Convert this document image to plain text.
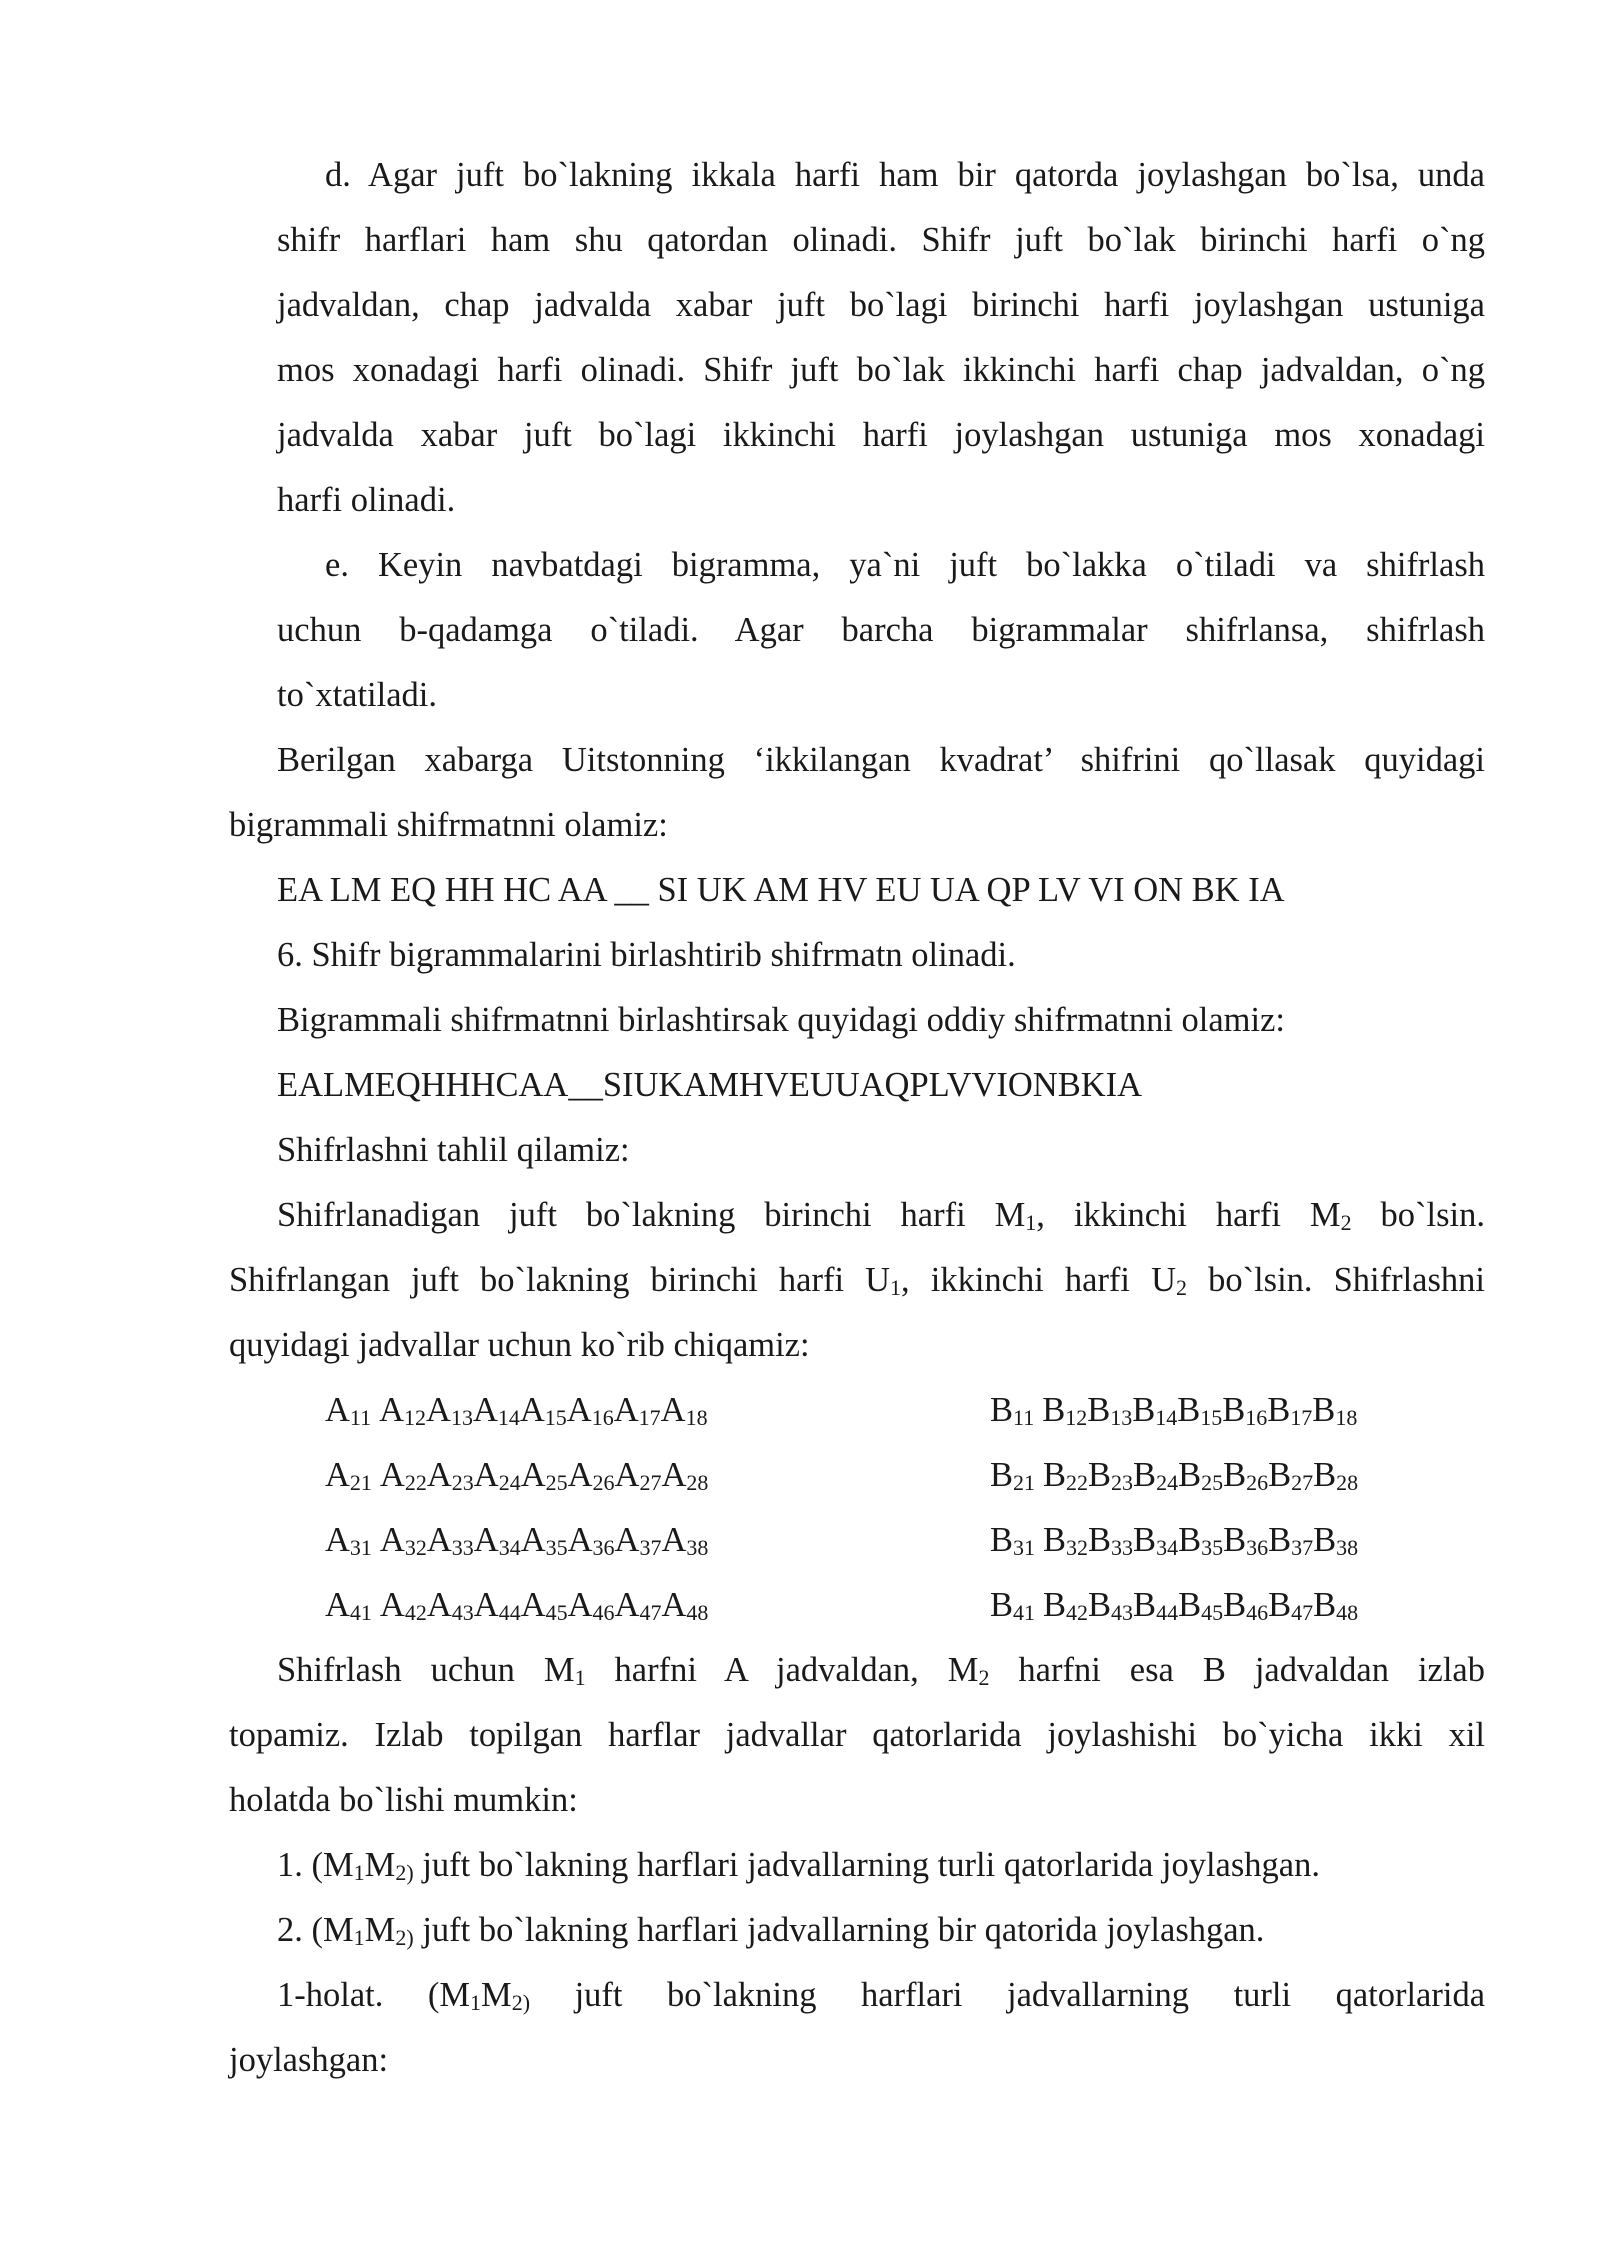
d. Agar juft bo`lakning ikkala harfi ham bir qatorda joylashgan bo`lsa, unda
shifr harflari ham shu qatordan olinadi. Shifr juft bo`lak birinchi harfi o`ng
jadvaldan, chap jadvalda xabar juft bo`lagi birinchi harfi joylashgan ustuniga
mos xonadagi harfi olinadi. Shifr juft bo`lak ikkinchi harfi chap jadvaldan, o`ng
jadvalda xabar juft bo`lagi ikkinchi harfi joylashgan ustuniga mos xonadagi
harfi olinadi.
e. Keyin navbatdagi bigramma, ya`ni juft bo`lakka o`tiladi va shifrlash
uchun b-qadamga o`tiladi. Agar barcha bigrammalar shifrlansa, shifrlash
to`xtatiladi.
Berilgan xabarga Uitstonning ‘ikkilangan kvadrat’ shifrini qo`llasak quyidagi
bigrammali shifrmatnni olamiz:
EA LM EQ HH HC AA __ SI UK AM HV EU UA QP LV VI ON BK IA
6. Shifr bigrammalarini birlashtirib shifrmatn olinadi.
Bigrammali shifrmatnni birlashtirsak quyidagi oddiy shifrmatnni olamiz:
EALMEQHHHCAA__SIUKAMHVEUUAQPLVVIONBKIA
Shifrlashni tahlil qilamiz:
Shifrlanadigan juft bo`lakning birinchi harfi $M_1$, ikkinchi harfi $M_2$ bo`lsin.
Shifrlangan juft bo`lakning birinchi harfi $U_1$, ikkinchi harfi $U_2$ bo`lsin. Shifrlashni
quyidagi jadvallar uchun ko`rib chiqamiz:
$A_{11}$ $A_{12}A_{13}A_{14}A_{15}A_{16}A_{17}A_{18}$
$A_{21}$ $A_{22}A_{23}A_{24}A_{25}A_{26}A_{27}A_{28}$
$A_{31}$ $A_{32}A_{33}A_{34}A_{35}A_{36}A_{37}A_{38}$
$A_{41}$ $A_{42}A_{43}A_{44}A_{45}A_{46}A_{47}A_{48}$
$B_{11}$ $B_{12}B_{13}B_{14}B_{15}B_{16}B_{17}B_{18}$
$B_{21}$ $B_{22}B_{23}B_{24}B_{25}B_{26}B_{27}B_{28}$
$B_{31}$ $B_{32}B_{33}B_{34}B_{35}B_{36}B_{37}B_{38}$
$B_{41}$ $B_{42}B_{43}B_{44}B_{45}B_{46}B_{47}B_{48}$
Shifrlash uchun $M_1$ harfni A jadvaldan, $M_2$ harfni esa B jadvaldan izlab
topamiz. Izlab topilgan harflar jadvallar qatorlarida joylashishi bo`yicha ikki xil
holatda bo`lishi mumkin:
1. ($M_1M_{2)}$ juft bo`lakning harflari jadvallarning turli qatorlarida joylashgan.
2. ($M_1M_{2)}$ juft bo`lakning harflari jadvallarning bir qatorida joylashgan.
1-holat. ($M_1M_{2)}$ juft bo`lakning harflari jadvallarning turli qatorlarida
joylashgan:
